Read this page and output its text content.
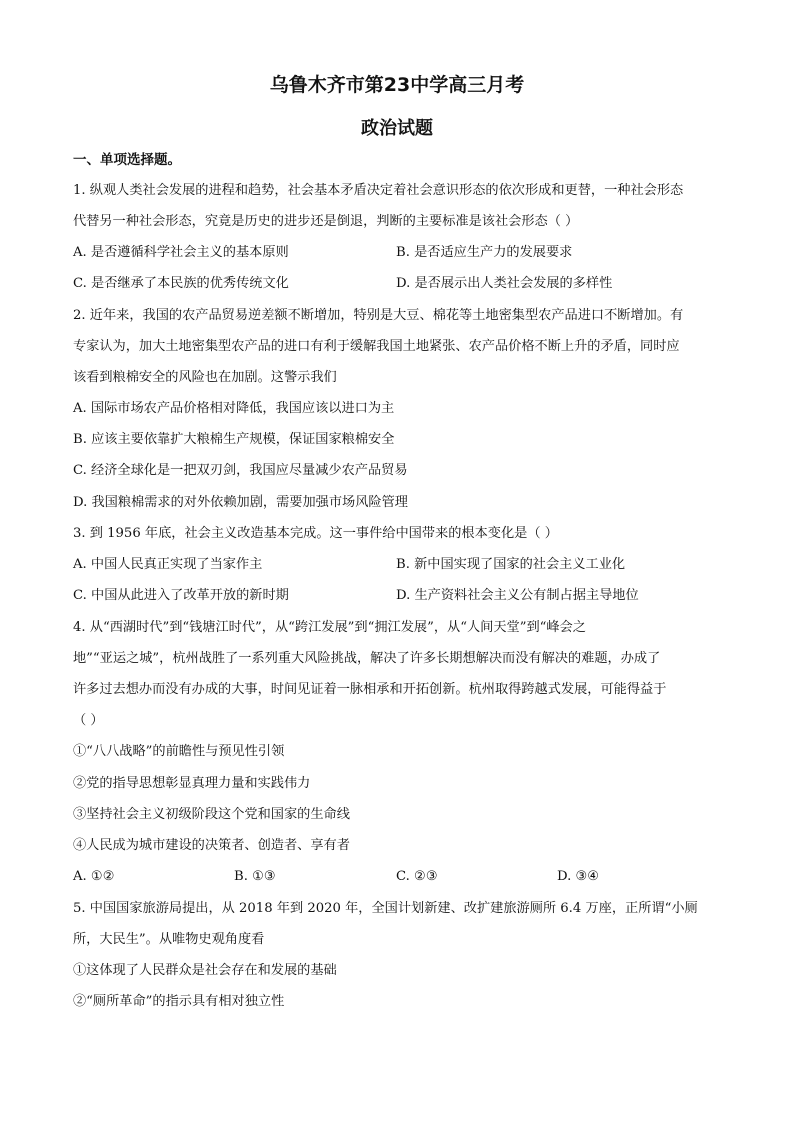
乌鲁木齐市第23中学高三月考
政治试题
一、单项选择题。
1. 纵观人类社会发展的进程和趋势，社会基本矛盾决定着社会意识形态的依次形成和更替，一种社会形态
代替另一种社会形态，究竟是历史的进步还是倒退，判断的主要标准是该社会形态（ ）
A. 是否遵循科学社会主义的基本原则	B. 是否适应生产力的发展要求
C. 是否继承了本民族的优秀传统文化	D. 是否展示出人类社会发展的多样性
2. 近年来，我国的农产品贸易逆差额不断增加，特别是大豆、棉花等土地密集型农产品进口不断增加。有
专家认为，加大土地密集型农产品的进口有利于缓解我国土地紧张、农产品价格不断上升的矛盾，同时应
该看到粮棉安全的风险也在加剧。这警示我们
A. 国际市场农产品价格相对降低，我国应该以进口为主
B. 应该主要依靠扩大粮棉生产规模，保证国家粮棉安全
C. 经济全球化是一把双刃剑，我国应尽量减少农产品贸易
D. 我国粮棉需求的对外依赖加剧，需要加强市场风险管理
3. 到 1956 年底，社会主义改造基本完成。这一事件给中国带来的根本变化是（ ）
A. 中国人民真正实现了当家作主	B. 新中国实现了国家的社会主义工业化
C. 中国从此进入了改革开放的新时期	D. 生产资料社会主义公有制占据主导地位
4. 从“西湖时代”到“钱塘江时代”，从“跨江发展”到“拥江发展”，从“人间天堂”到“峰会之
地”“亚运之城”，杭州战胜了一系列重大风险挑战，解决了许多长期想解决而没有解决的难题，办成了
许多过去想办而没有办成的大事，时间见证着一脉相承和开拓创新。杭州取得跨越式发展，可能得益于
（ ）
①“八八战略”的前瞻性与预见性引领
②党的指导思想彰显真理力量和实践伟力
③坚持社会主义初级阶段这个党和国家的生命线
④人民成为城市建设的决策者、创造者、享有者
A. ①②	B. ①③	C. ②③	D. ③④
5. 中国国家旅游局提出，从 2018 年到 2020 年，全国计划新建、改扩建旅游厕所 6.4 万座，正所谓“小厕
所，大民生”。从唯物史观角度看
①这体现了人民群众是社会存在和发展的基础
②“厕所革命”的指示具有相对独立性
